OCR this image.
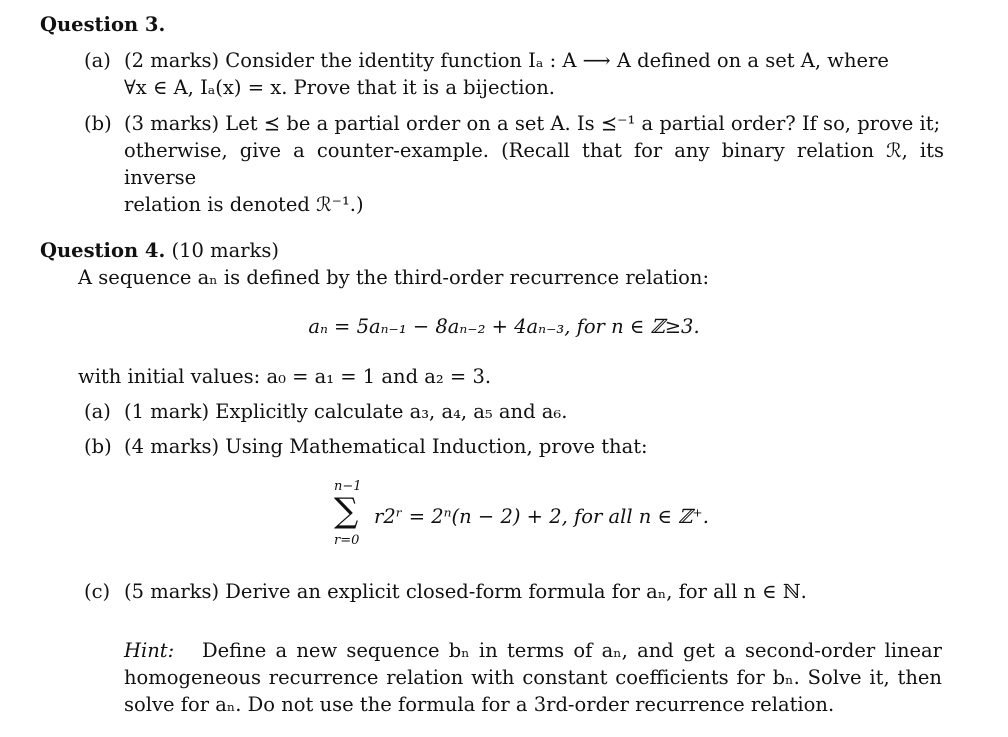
Question 3.
(a) (2 marks) Consider the identity function Iₐ : A ⟶ A defined on a set A, where
∀x ∈ A, Iₐ(x) = x. Prove that it is a bijection.
(b) (3 marks) Let ⪯ be a partial order on a set A. Is ⪯⁻¹ a partial order? If so, prove it;
otherwise, give a counter-example. (Recall that for any binary relation ℛ, its inverse
relation is denoted ℛ⁻¹.)
Question 4. (10 marks)
A sequence aₙ is defined by the third-order recurrence relation:
aₙ = 5aₙ₋₁ − 8aₙ₋₂ + 4aₙ₋₃, for n ∈ ℤ≥3.
with initial values: a₀ = a₁ = 1 and a₂ = 3.
(a) (1 mark) Explicitly calculate a₃, a₄, a₅ and a₆.
(b) (4 marks) Using Mathematical Induction, prove that:
n−1
∑
r=0
r2ʳ = 2ⁿ(n − 2) + 2, for all n ∈ ℤ⁺.
(c) (5 marks) Derive an explicit closed-form formula for aₙ, for all n ∈ ℕ.
Hint: Define a new sequence bₙ in terms of aₙ, and get a second-order linear homogeneous recurrence relation with constant coefficients for bₙ. Solve it, then solve for aₙ. Do not use the formula for a 3rd-order recurrence relation.
